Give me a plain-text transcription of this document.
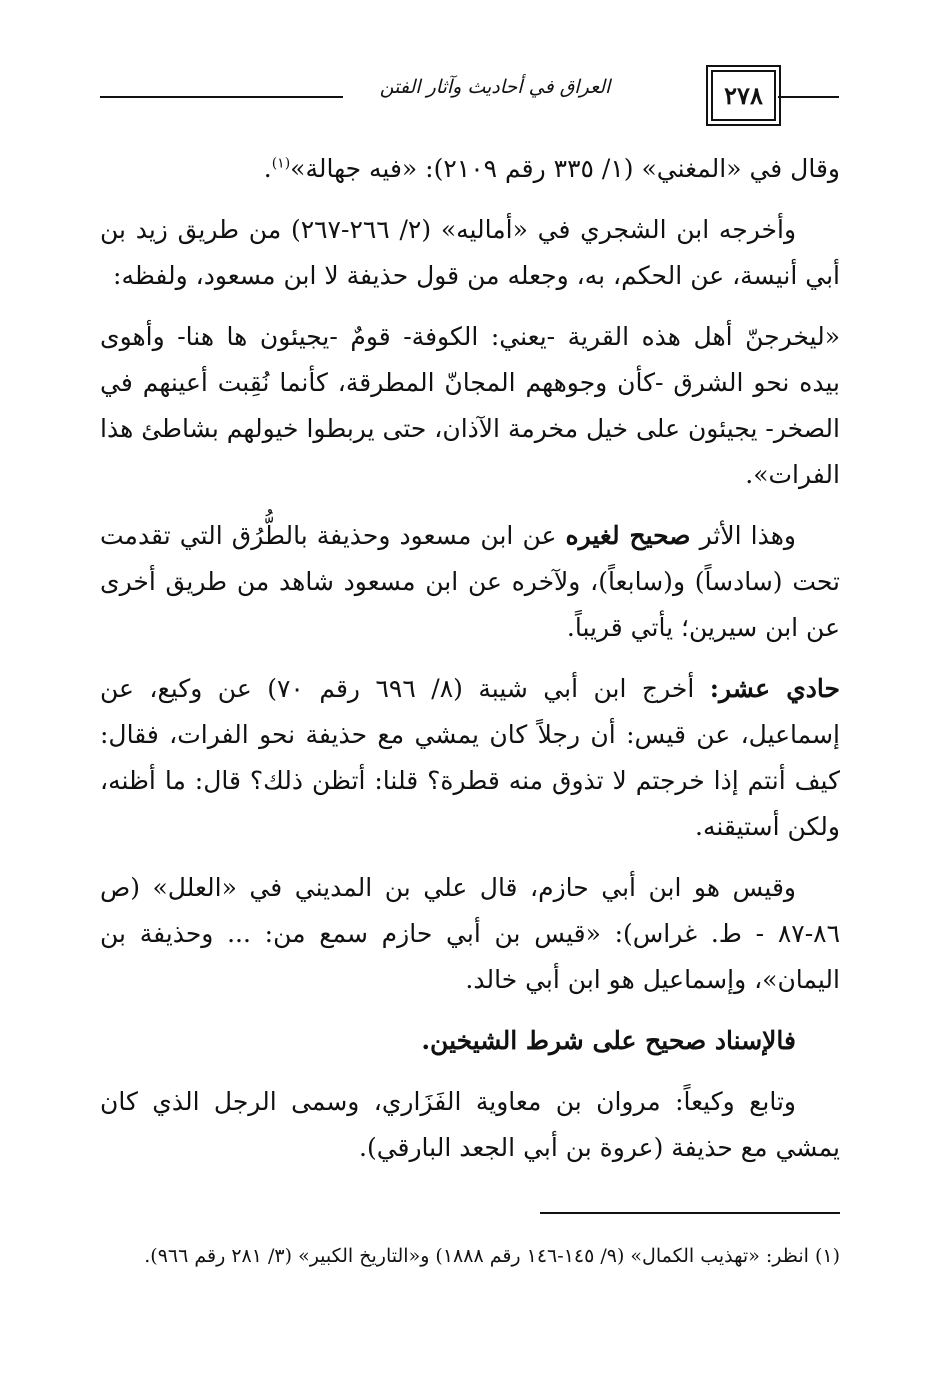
العراق في أحاديث وآثار الفتن	٢٧٨

وقال في «المغني» (١/ ٣٣٥ رقم ٢١٠٩): «فيه جهالة»$^{(١)}$.

وأخرجه ابن الشجري في «أماليه» (٢/ ٢٦٦-٢٦٧) من طريق زيد بن أبي أنيسة، عن الحكم، به، وجعله من قول حذيفة لا ابن مسعود، ولفظه:

«ليخرجنّ أهل هذه القرية -يعني: الكوفة- قومٌ -يجيئون ها هنا- وأهوى بيده نحو الشرق -كأن وجوههم المجانّ المطرقة، كأنما نُقِبت أعينهم في الصخر- يجيئون على خيل مخرمة الآذان، حتى يربطوا خيولهم بشاطئ هذا الفرات».

وهذا الأثر صحيح لغيره عن ابن مسعود وحذيفة بالطُّرُق التي تقدمت تحت (سادساً) و(سابعاً)، ولآخره عن ابن مسعود شاهد من طريق أخرى عن ابن سيرين؛ يأتي قريباً.

حادي عشر: أخرج ابن أبي شيبة (٨/ ٦٩٦ رقم ٧٠) عن وكيع، عن إسماعيل، عن قيس: أن رجلاً كان يمشي مع حذيفة نحو الفرات، فقال: كيف أنتم إذا خرجتم لا تذوق منه قطرة؟ قلنا: أتظن ذلك؟ قال: ما أظنه، ولكن أستيقنه.

وقيس هو ابن أبي حازم، قال علي بن المديني في «العلل» (ص ٨٦-٨٧ - ط. غراس): «قيس بن أبي حازم سمع من: ... وحذيفة بن اليمان»، وإسماعيل هو ابن أبي خالد.

فالإسناد صحيح على شرط الشيخين.

وتابع وكيعاً: مروان بن معاوية الفَزَاري، وسمى الرجل الذي كان يمشي مع حذيفة (عروة بن أبي الجعد البارقي).

(١) انظر: «تهذيب الكمال» (٩/ ١٤٥-١٤٦ رقم ١٨٨٨) و«التاريخ الكبير» (٣/ ٢٨١ رقم ٩٦٦).
